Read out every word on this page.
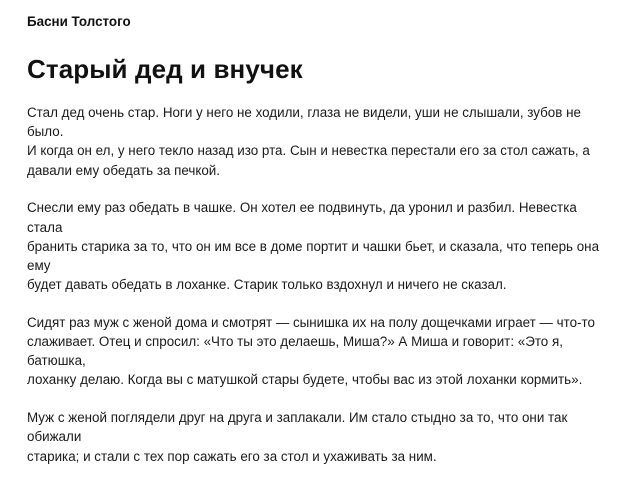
Басни Толстого
Старый дед и внучек

Стал дед очень стар. Ноги у него не ходили, глаза не видели, уши не слышали, зубов не было.
И когда он ел, у него текло назад изо рта. Сын и невестка перестали его за стол сажать, а
давали ему обедать за печкой.

Снесли ему раз обедать в чашке. Он хотел ее подвинуть, да уронил и разбил. Невестка стала
бранить старика за то, что он им все в доме портит и чашки бьет, и сказала, что теперь она ему
будет давать обедать в лоханке. Старик только вздохнул и ничего не сказал.

Сидят раз муж с женой дома и смотрят — сынишка их на полу дощечками играет — что-то
слаживает. Отец и спросил: «Что ты это делаешь, Миша?» А Миша и говорит: «Это я, батюшка,
лоханку делаю. Когда вы с матушкой стары будете, чтобы вас из этой лоханки кормить».

Муж с женой поглядели друг на друга и заплакали. Им стало стыдно за то, что они так обижали
старика; и стали с тех пор сажать его за стол и ухаживать за ним.
